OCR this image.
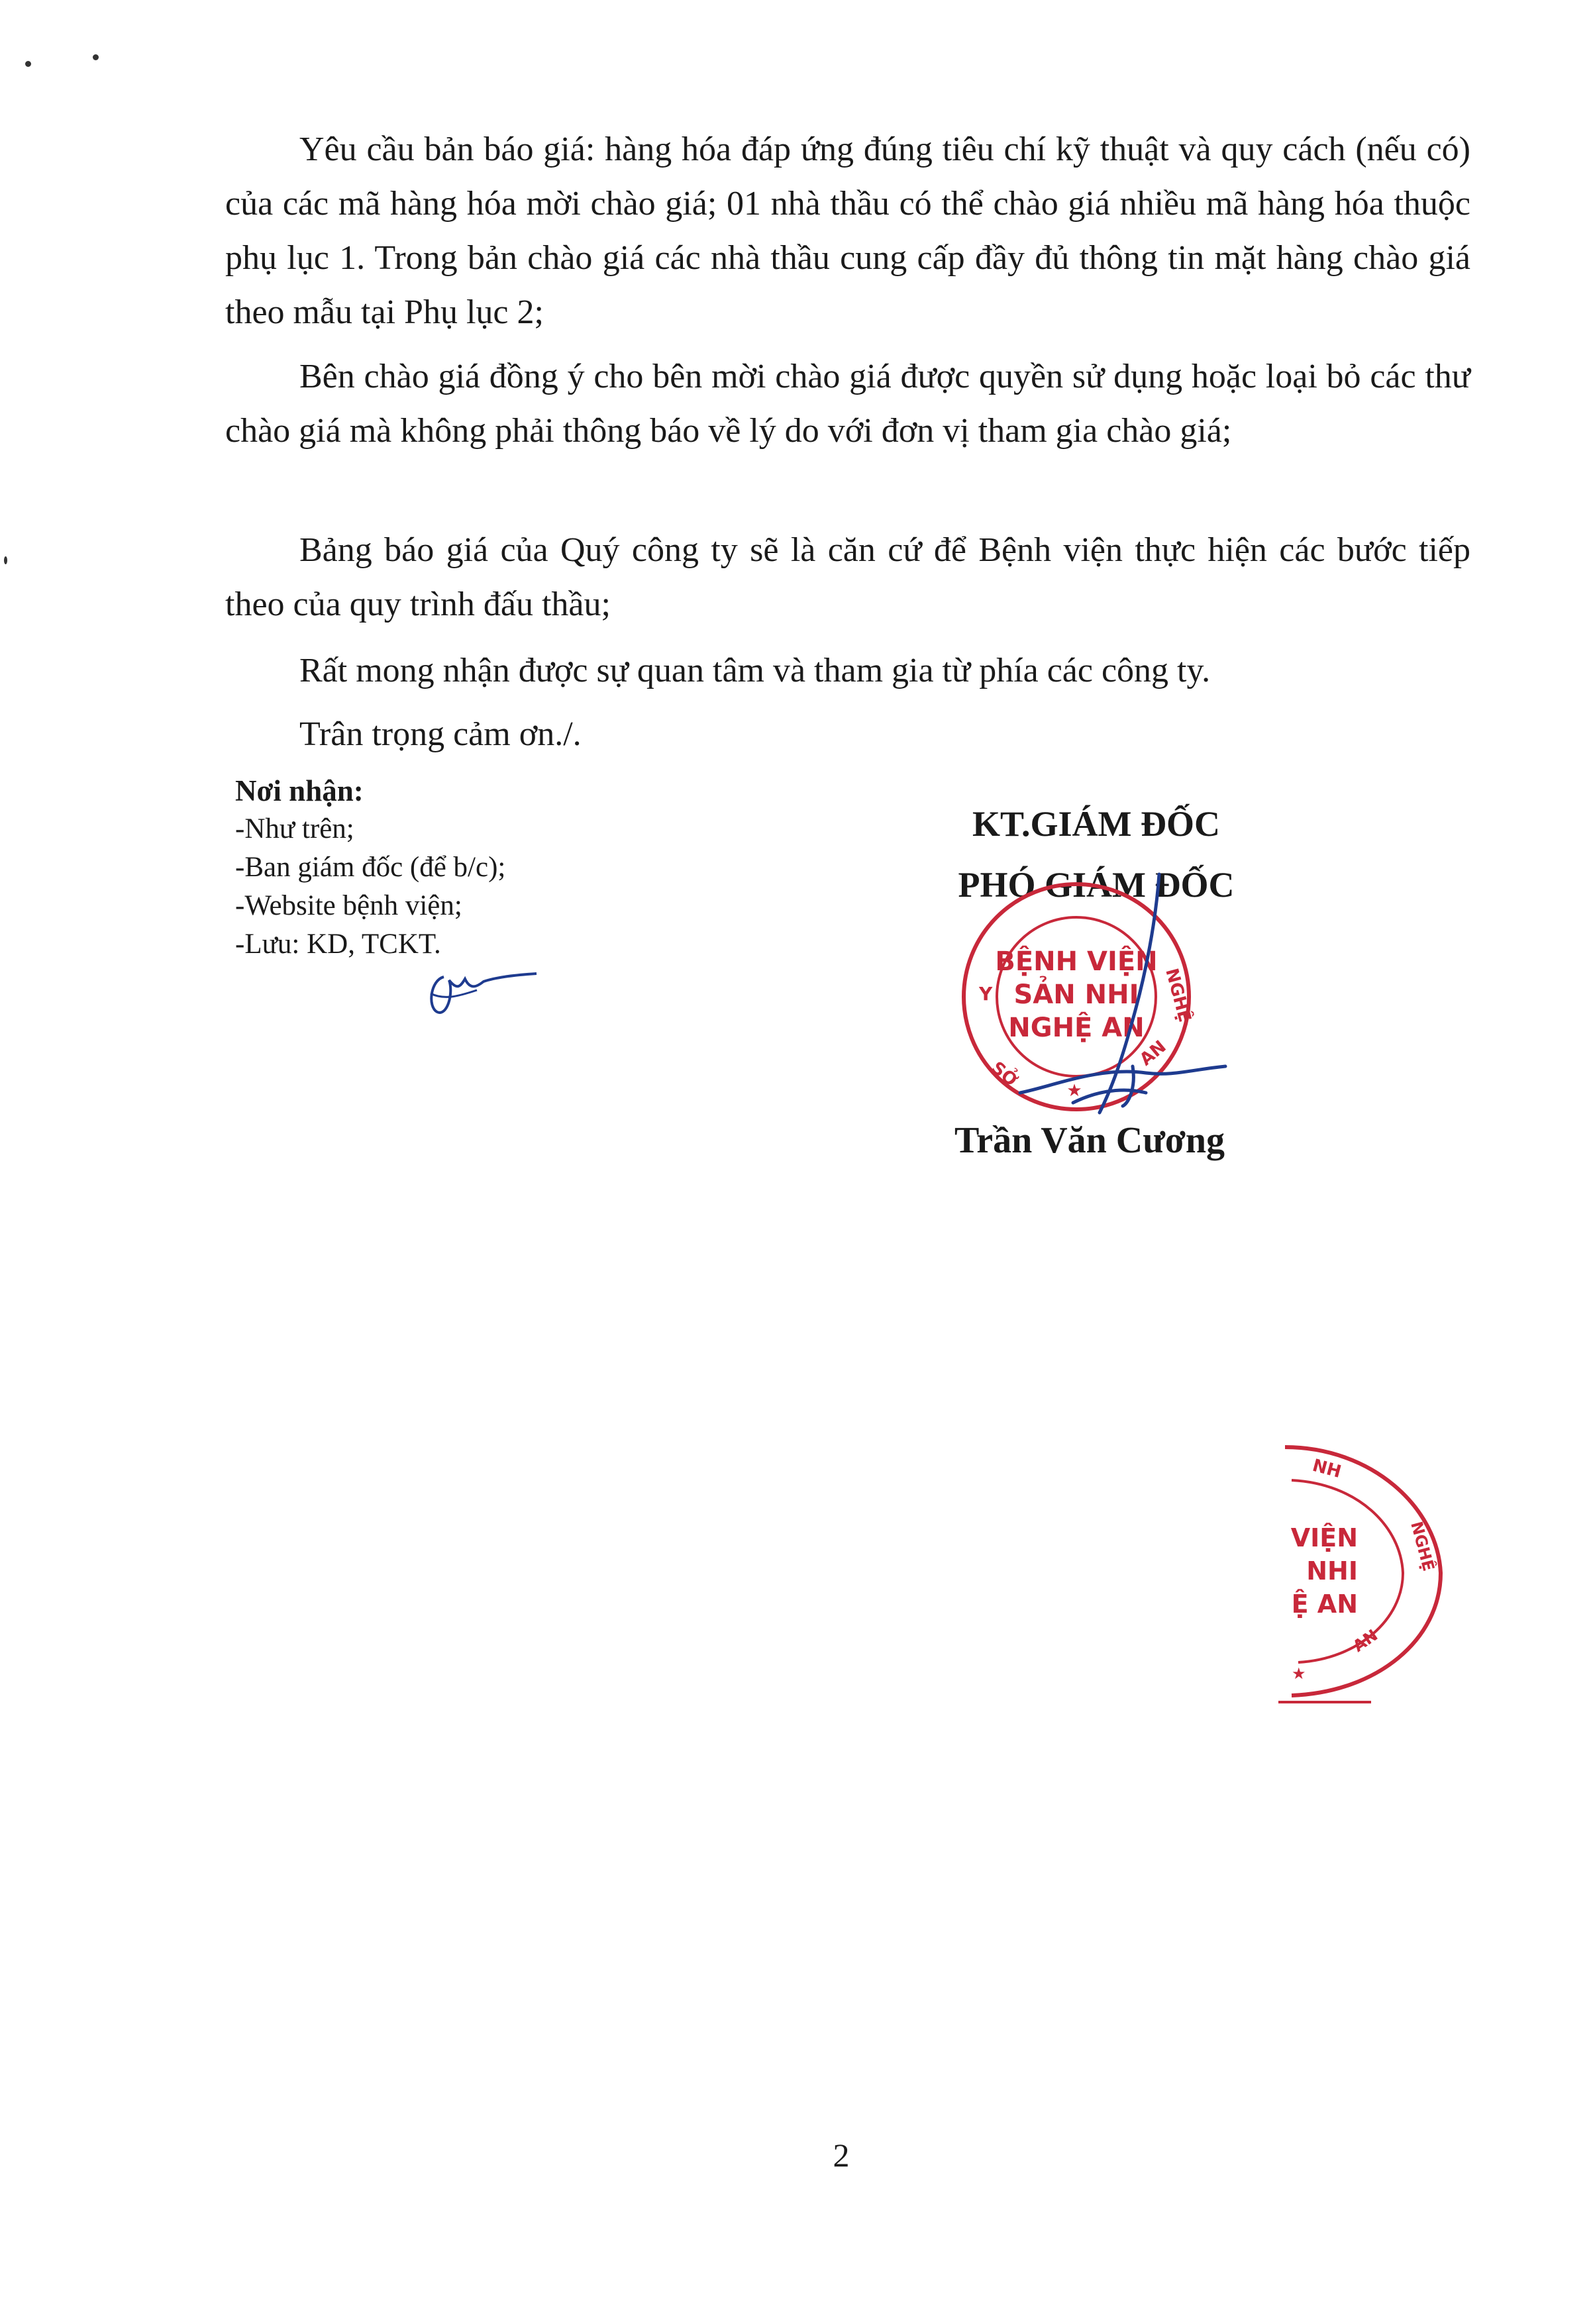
Yêu cầu bản báo giá: hàng hóa đáp ứng đúng tiêu chí kỹ thuật và quy cách (nếu có) của các mã hàng hóa mời chào giá; 01 nhà thầu có thể chào giá nhiều mã hàng hóa thuộc phụ lục 1. Trong bản chào giá các nhà thầu cung cấp đầy đủ thông tin mặt hàng chào giá theo mẫu tại Phụ lục 2;
Bên chào giá đồng ý cho bên mời chào giá được quyền sử dụng hoặc loại bỏ các thư chào giá mà không phải thông báo về lý do với đơn vị tham gia chào giá;
Bảng báo giá của Quý công ty sẽ là căn cứ để Bệnh viện thực hiện các bước tiếp theo của quy trình đấu thầu;
Rất mong nhận được sự quan tâm và tham gia từ phía các công ty.
Trân trọng cảm ơn./.
Nơi nhận:
-Như trên;
-Ban giám đốc (để b/c);
-Website bệnh viện;
-Lưu: KD, TCKT.
KT.GIÁM ĐỐC
PHÓ GIÁM ĐỐC
BỆNH VIỆN
SẢN NHI
NGHỆ AN
Y	NGHỆ
SỞ
AN
★
Trần Văn Cương
NH
VIỆN
NHI
Ệ AN
NGHỆ
AN
★
2
